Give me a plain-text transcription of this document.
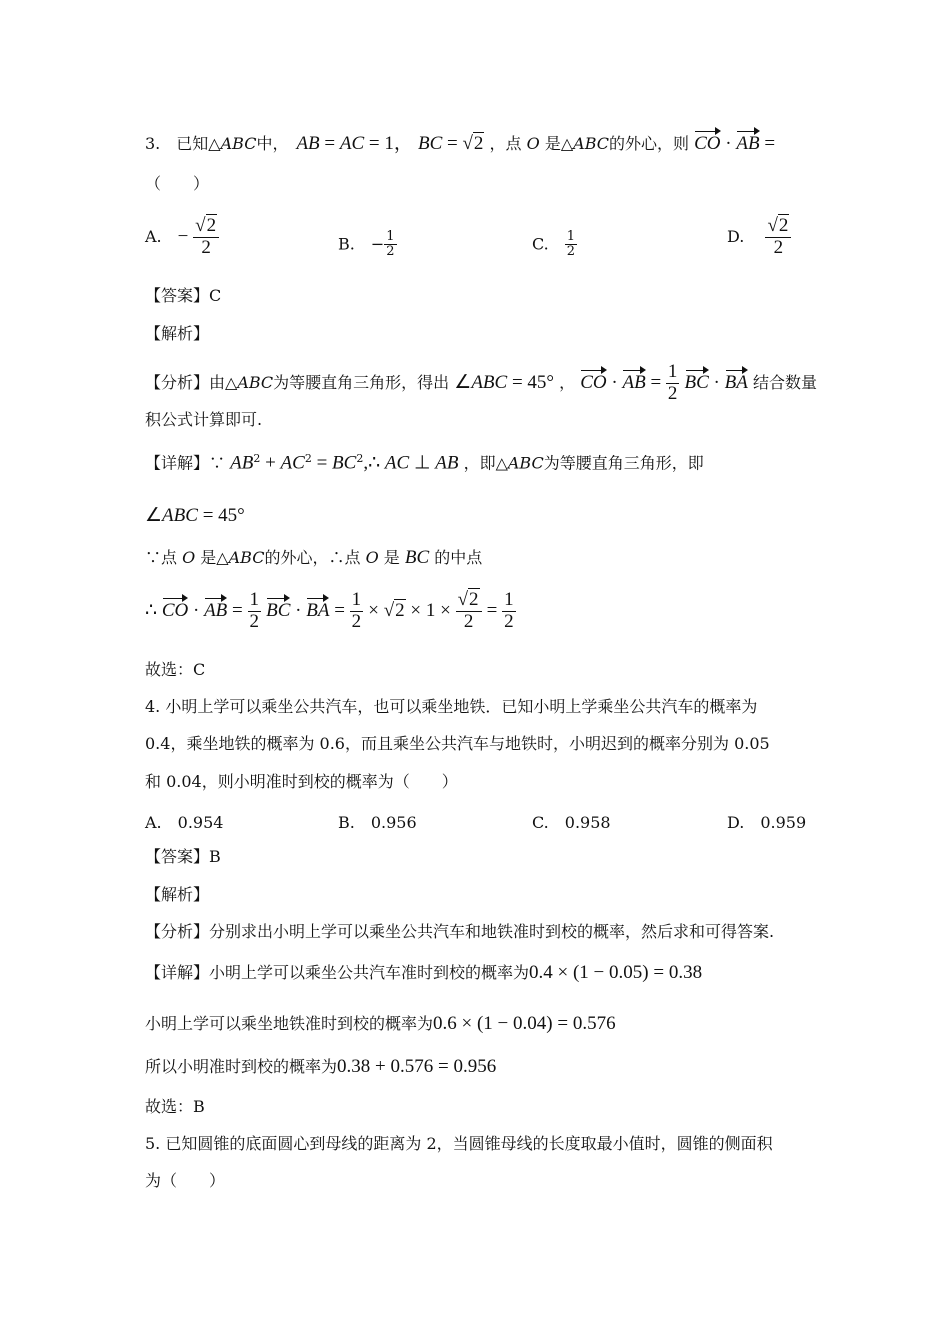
3.　已知△ABC中，　AB = AC = 1， BC = √2 ，点 O 是△ABC的外心，则 CO · AB =
（　　）
A.　− $\frac{√2}{2}$	B.　− $\frac{1}{2}$	C.　 $\frac{1}{2}$	D.　 $\frac{√2}{2}$
【答案】C
【解析】
【分析】由△ABC为等腰直角三角形，得出 ∠ABC = 45° ， CO · AB = $\frac{1}{2}$ BC · BA 结合数量
积公式计算即可.
【详解】∵ $AB^2 + AC^2$ = $BC^2,\therefore$ AC ⊥ AB ，即△ABC为等腰直角三角形，即
∠ABC = 45°
∵点 O 是△ABC的外心，∴点 O 是 BC 的中点
∴ CO · AB = $\frac{1}{2}$ BC · BA = $\frac{1}{2} \times √2 \times 1 \times \frac{√2}{2} = \frac{1}{2}$
故选：C
4. 小明上学可以乘坐公共汽车，也可以乘坐地铁．已知小明上学乘坐公共汽车的概率为
0.4，乘坐地铁的概率为 0.6，而且乘坐公共汽车与地铁时，小明迟到的概率分别为 0.05
和 0.04，则小明准时到校的概率为（　　）
A.　 0.954	B.　 0.956	C.　 0.958	D.　 0.959
【答案】B
【解析】
【分析】分别求出小明上学可以乘坐公共汽车和地铁准时到校的概率，然后求和可得答案.
【详解】小明上学可以乘坐公共汽车准时到校的概率为0.4 × (1 − 0.05) = 0.38
小明上学可以乘坐地铁准时到校的概率为0.6 × (1 − 0.04) = 0.576
所以小明准时到校的概率为0.38 + 0.576 = 0.956
故选：B
5. 已知圆锥的底面圆心到母线的距离为 2，当圆锥母线的长度取最小值时，圆锥的侧面积
为（　　）
